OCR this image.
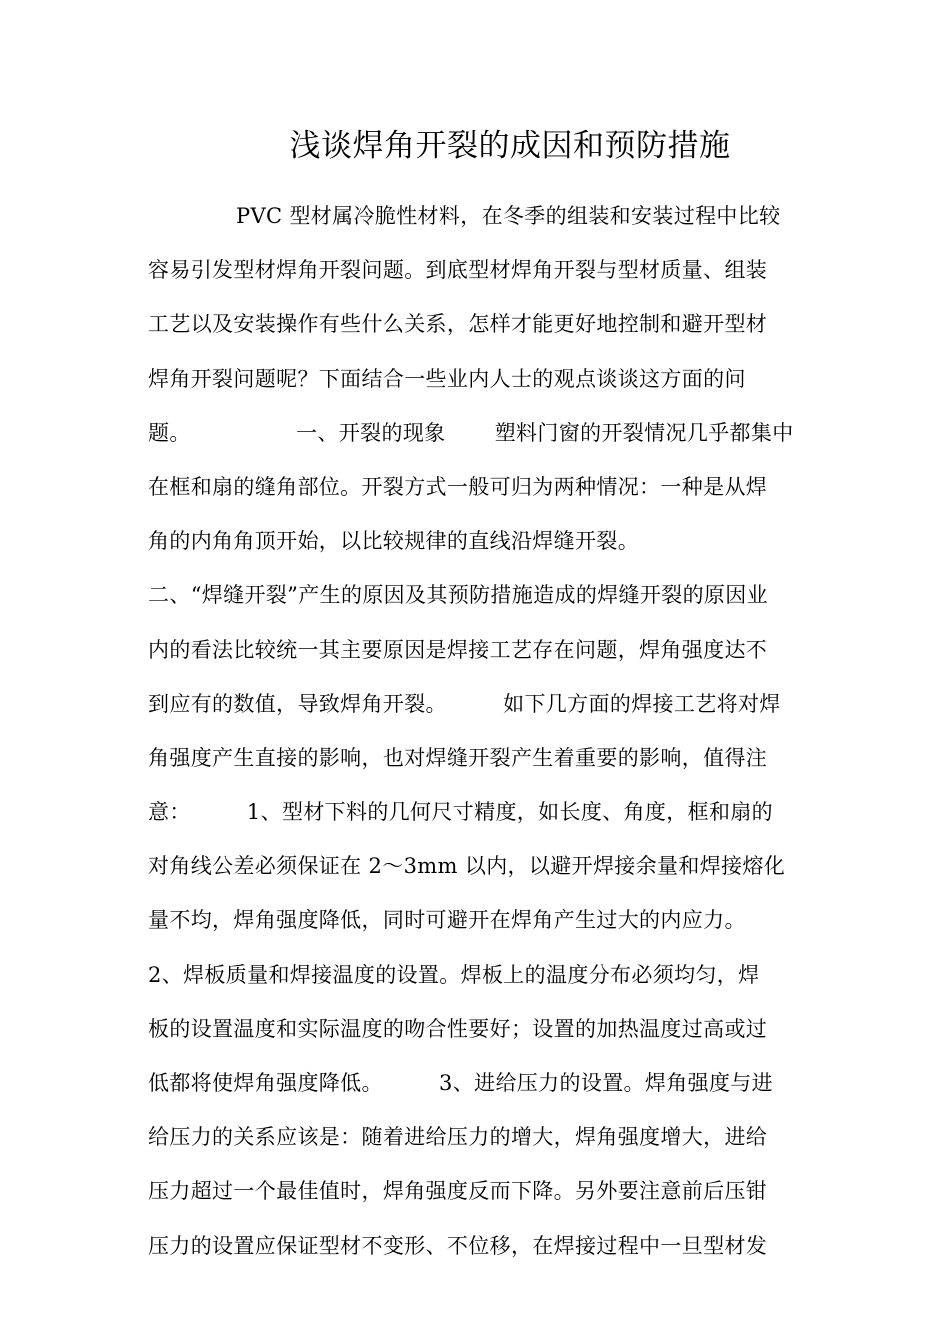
浅谈焊角开裂的成因和预防措施
PVC 型材属冷脆性材料，在冬季的组装和安装过程中比较
容易引发型材焊角开裂问题。到底型材焊角开裂与型材质量、组装
工艺以及安装操作有些什么关系，怎样才能更好地控制和避开型材
焊角开裂问题呢？下面结合一些业内人士的观点谈谈这方面的问
题。               一、开裂的现象       塑料门窗的开裂情况几乎都集中
在框和扇的缝角部位。开裂方式一般可归为两种情况：一种是从焊
角的内角角顶开始，以比较规律的直线沿焊缝开裂。
二、“焊缝开裂”产生的原因及其预防措施造成的焊缝开裂的原因业
内的看法比较统一其主要原因是焊接工艺存在问题，焊角强度达不
到应有的数值，导致焊角开裂。        如下几方面的焊接工艺将对焊
角强度产生直接的影响，也对焊缝开裂产生着重要的影响，值得注
意：        1、型材下料的几何尺寸精度，如长度、角度，框和扇的
对角线公差必须保证在 2～3mm 以内，以避开焊接余量和焊接熔化
量不均，焊角强度降低，同时可避开在焊角产生过大的内应力。
2、焊板质量和焊接温度的设置。焊板上的温度分布必须均匀，焊
板的设置温度和实际温度的吻合性要好；设置的加热温度过高或过
低都将使焊角强度降低。        3、进给压力的设置。焊角强度与进
给压力的关系应该是：随着进给压力的增大，焊角强度增大，进给
压力超过一个最佳值时，焊角强度反而下降。另外要注意前后压钳
压力的设置应保证型材不变形、不位移，在焊接过程中一旦型材发
